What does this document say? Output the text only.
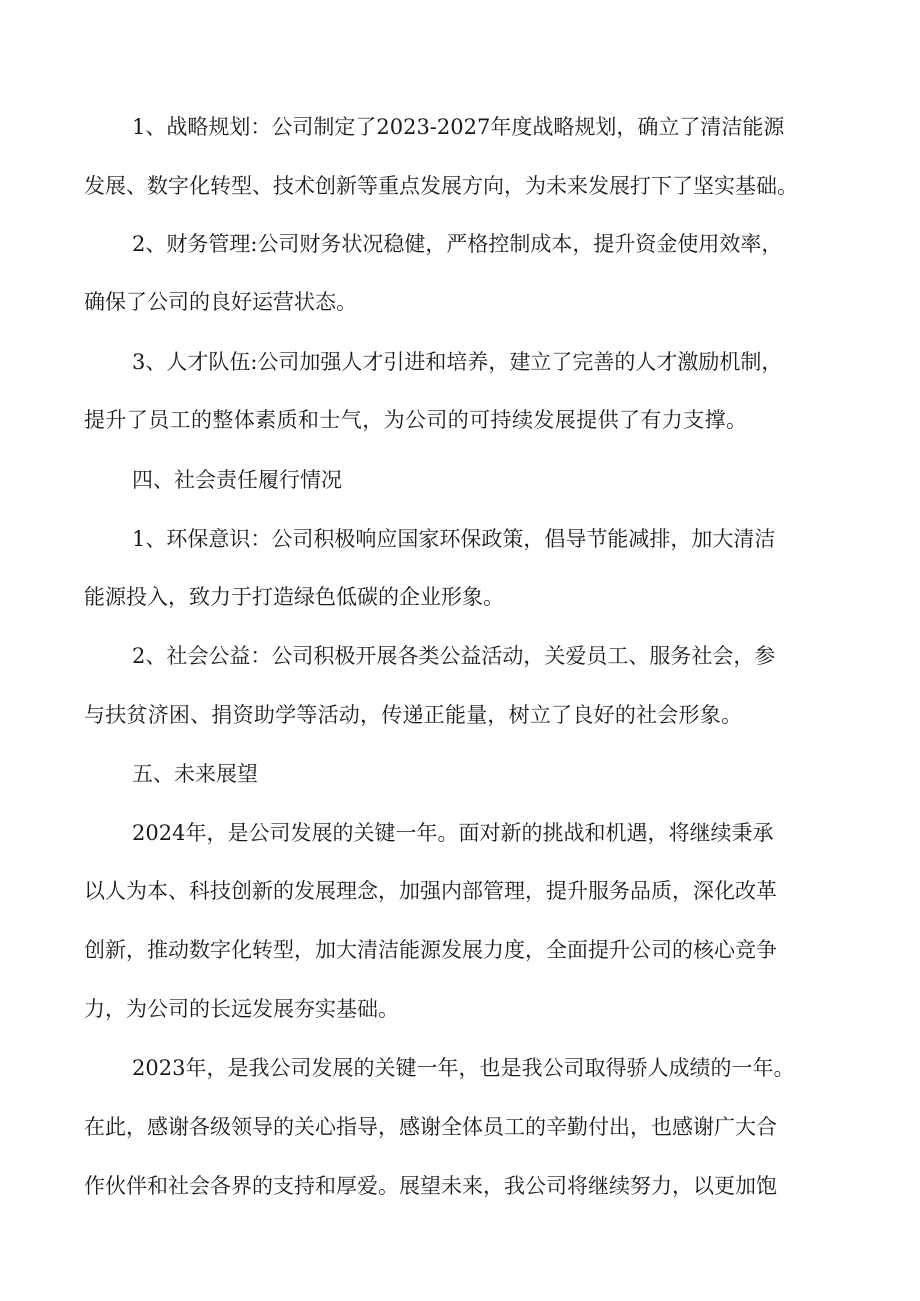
1、战略规划：公司制定了2023-2027年度战略规划，确立了清洁能源
发展、数字化转型、技术创新等重点发展方向，为未来发展打下了坚实基础。
2、财务管理:公司财务状况稳健，严格控制成本，提升资金使用效率，
确保了公司的良好运营状态。
3、人才队伍:公司加强人才引进和培养，建立了完善的人才激励机制，
提升了员工的整体素质和士气，为公司的可持续发展提供了有力支撑。
四、社会责任履行情况
1、环保意识：公司积极响应国家环保政策，倡导节能减排，加大清洁
能源投入，致力于打造绿色低碳的企业形象。
2、社会公益：公司积极开展各类公益活动，关爱员工、服务社会，参
与扶贫济困、捐资助学等活动，传递正能量，树立了良好的社会形象。
五、未来展望
2024年，是公司发展的关键一年。面对新的挑战和机遇，将继续秉承
以人为本、科技创新的发展理念，加强内部管理，提升服务品质，深化改革
创新，推动数字化转型，加大清洁能源发展力度，全面提升公司的核心竞争
力，为公司的长远发展夯实基础。
2023年，是我公司发展的关键一年，也是我公司取得骄人成绩的一年。
在此，感谢各级领导的关心指导，感谢全体员工的辛勤付出，也感谢广大合
作伙伴和社会各界的支持和厚爱。展望未来，我公司将继续努力，以更加饱
